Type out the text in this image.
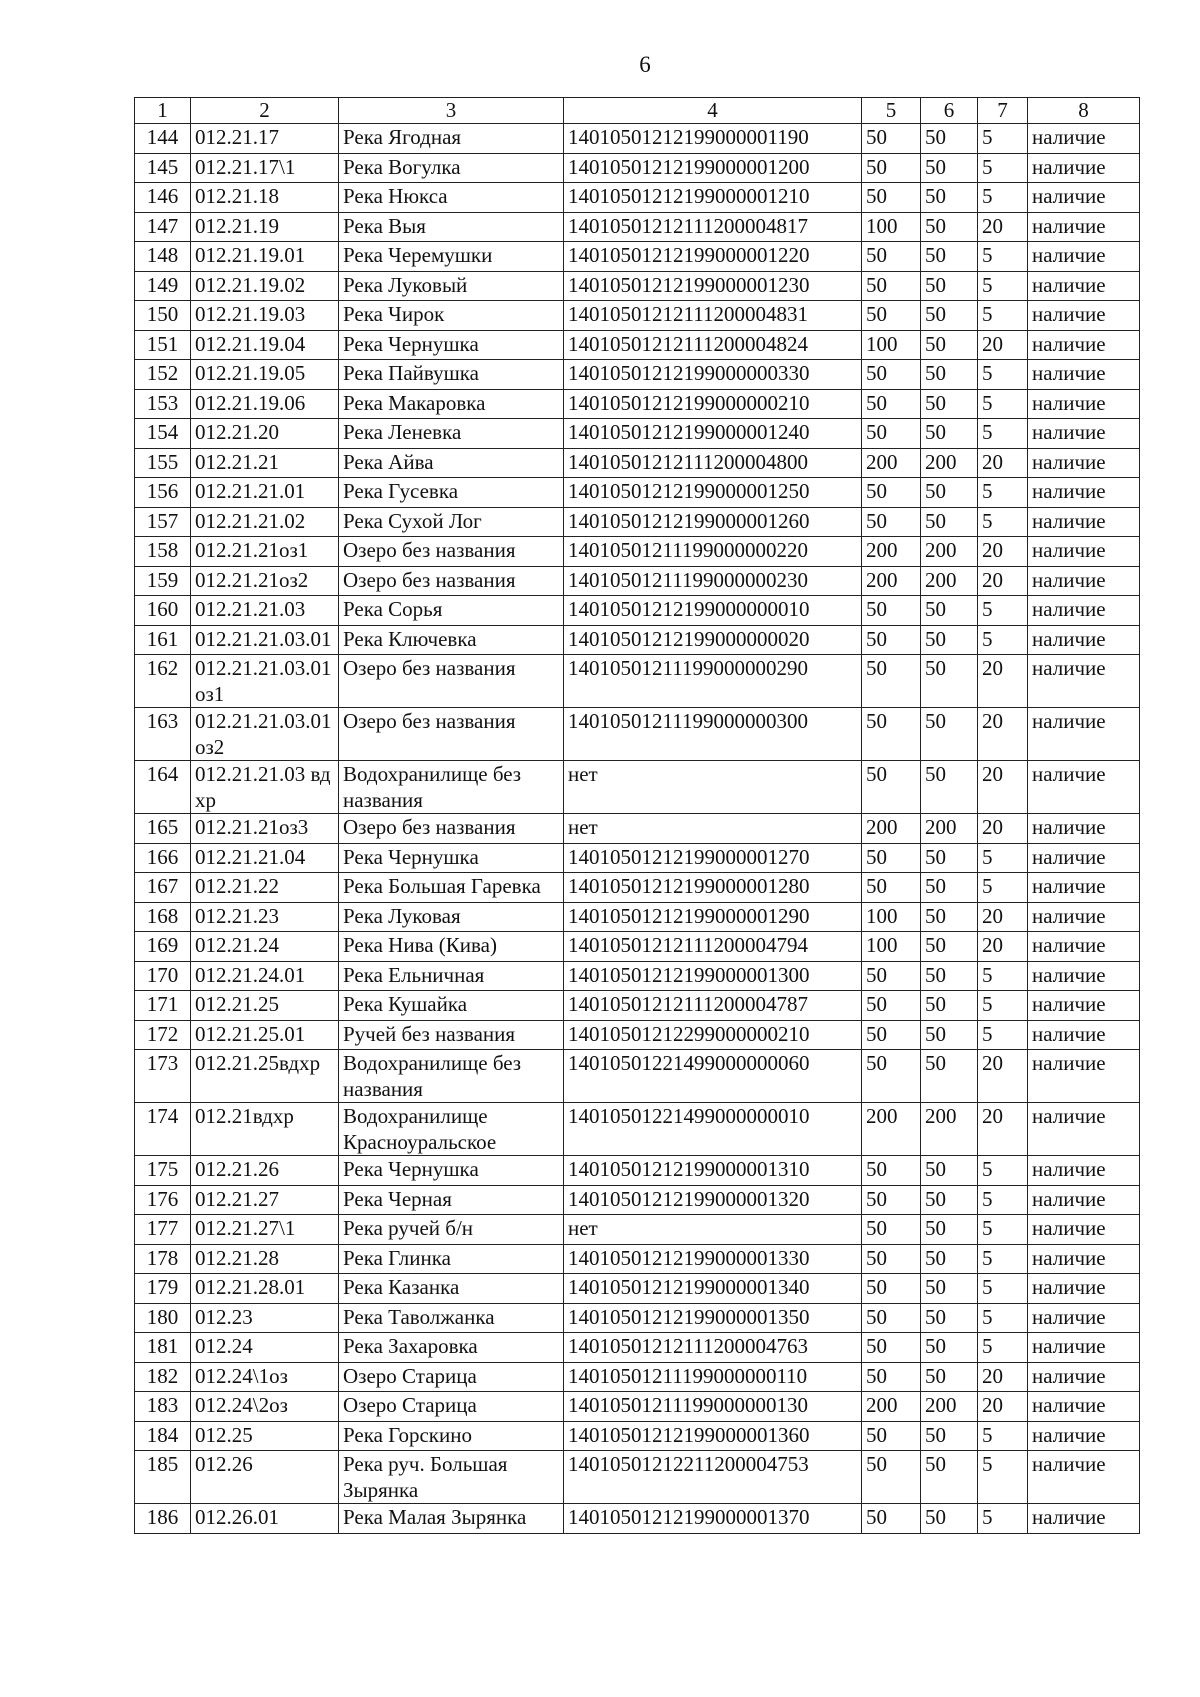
6
1	2	3	4	5	6	7	8
144	012.21.17	Река Ягодная	14010501212199000001190	50	50	5	наличие
145	012.21.17\1	Река Вогулка	14010501212199000001200	50	50	5	наличие
146	012.21.18	Река Нюкса	14010501212199000001210	50	50	5	наличие
147	012.21.19	Река Выя	14010501212111200004817	100	50	20	наличие
148	012.21.19.01	Река Черемушки	14010501212199000001220	50	50	5	наличие
149	012.21.19.02	Река Луковый	14010501212199000001230	50	50	5	наличие
150	012.21.19.03	Река Чирок	14010501212111200004831	50	50	5	наличие
151	012.21.19.04	Река Чернушка	14010501212111200004824	100	50	20	наличие
152	012.21.19.05	Река Пайвушка	14010501212199000000330	50	50	5	наличие
153	012.21.19.06	Река Макаровка	14010501212199000000210	50	50	5	наличие
154	012.21.20	Река Леневка	14010501212199000001240	50	50	5	наличие
155	012.21.21	Река Айва	14010501212111200004800	200	200	20	наличие
156	012.21.21.01	Река Гусевка	14010501212199000001250	50	50	5	наличие
157	012.21.21.02	Река Сухой Лог	14010501212199000001260	50	50	5	наличие
158	012.21.21оз1	Озеро без названия	14010501211199000000220	200	200	20	наличие
159	012.21.21оз2	Озеро без названия	14010501211199000000230	200	200	20	наличие
160	012.21.21.03	Река Сорья	14010501212199000000010	50	50	5	наличие
161	012.21.21.03.01	Река Ключевка	14010501212199000000020	50	50	5	наличие
162	012.21.21.03.01оз1	Озеро без названия	14010501211199000000290	50	50	20	наличие
163	012.21.21.03.01оз2	Озеро без названия	14010501211199000000300	50	50	20	наличие
164	012.21.21.03 вдхр	Водохранилище без названия	нет	50	50	20	наличие
165	012.21.21оз3	Озеро без названия	нет	200	200	20	наличие
166	012.21.21.04	Река Чернушка	14010501212199000001270	50	50	5	наличие
167	012.21.22	Река Большая Гаревка	14010501212199000001280	50	50	5	наличие
168	012.21.23	Река Луковая	14010501212199000001290	100	50	20	наличие
169	012.21.24	Река Нива (Кива)	14010501212111200004794	100	50	20	наличие
170	012.21.24.01	Река Ельничная	14010501212199000001300	50	50	5	наличие
171	012.21.25	Река Кушайка	14010501212111200004787	50	50	5	наличие
172	012.21.25.01	Ручей без названия	14010501212299000000210	50	50	5	наличие
173	012.21.25вдхр	Водохранилище без названия	14010501221499000000060	50	50	20	наличие
174	012.21вдхр	Водохранилище Красноуральское	14010501221499000000010	200	200	20	наличие
175	012.21.26	Река Чернушка	14010501212199000001310	50	50	5	наличие
176	012.21.27	Река Черная	14010501212199000001320	50	50	5	наличие
177	012.21.27\1	Река ручей б/н	нет	50	50	5	наличие
178	012.21.28	Река Глинка	14010501212199000001330	50	50	5	наличие
179	012.21.28.01	Река Казанка	14010501212199000001340	50	50	5	наличие
180	012.23	Река Таволжанка	14010501212199000001350	50	50	5	наличие
181	012.24	Река Захаровка	14010501212111200004763	50	50	5	наличие
182	012.24\1оз	Озеро Старица	14010501211199000000110	50	50	20	наличие
183	012.24\2оз	Озеро Старица	14010501211199000000130	200	200	20	наличие
184	012.25	Река Горскино	14010501212199000001360	50	50	5	наличие
185	012.26	Река руч. Большая Зырянка	14010501212211200004753	50	50	5	наличие
186	012.26.01	Река Малая Зырянка	14010501212199000001370	50	50	5	наличие
